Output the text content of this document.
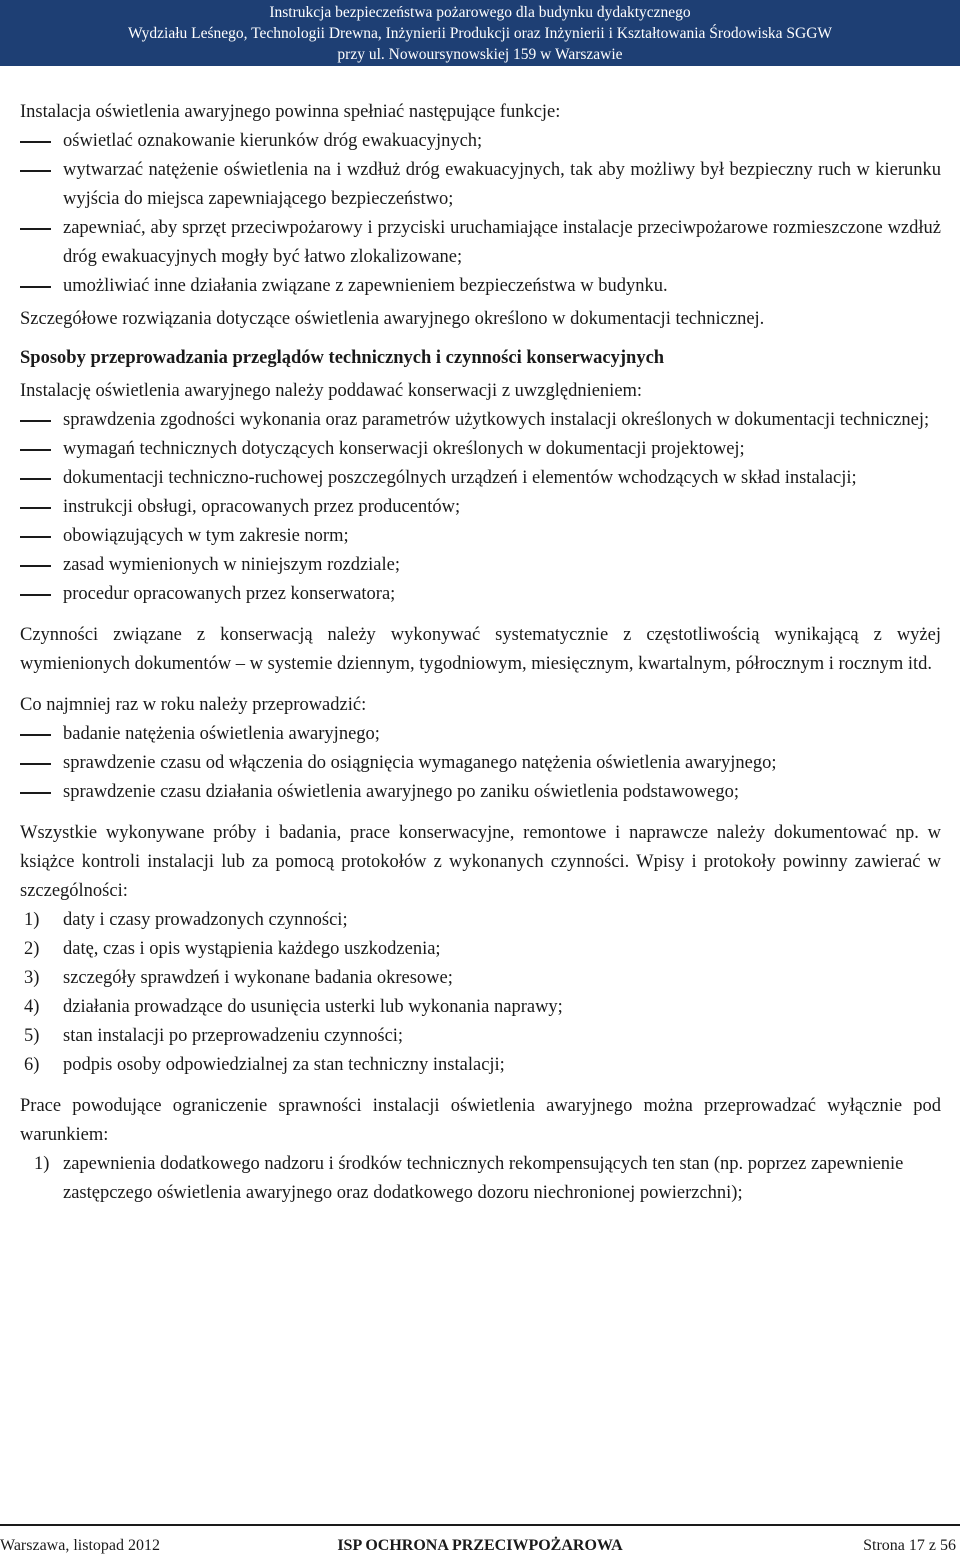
Instrukcja bezpieczeństwa pożarowego dla budynku dydaktycznego
Wydziału Leśnego, Technologii Drewna, Inżynierii Produkcji oraz Inżynierii i Kształtowania Środowiska SGGW
przy ul. Nowoursynowskiej 159 w Warszawie
Instalacja oświetlenia awaryjnego powinna spełniać następujące funkcje:
oświetlać oznakowanie kierunków dróg ewakuacyjnych;
wytwarzać natężenie oświetlenia na i wzdłuż dróg ewakuacyjnych, tak aby możliwy był bezpieczny ruch w kierunku wyjścia do miejsca zapewniającego bezpieczeństwo;
zapewniać, aby sprzęt przeciwpożarowy i przyciski uruchamiające instalacje przeciwpożarowe rozmieszczone wzdłuż dróg ewakuacyjnych mogły być łatwo zlokalizowane;
umożliwiać inne działania związane z zapewnieniem bezpieczeństwa w budynku.
Szczegółowe rozwiązania dotyczące oświetlenia awaryjnego określono w dokumentacji technicznej.
Sposoby przeprowadzania przeglądów technicznych i czynności konserwacyjnych
Instalację oświetlenia awaryjnego należy poddawać konserwacji z uwzględnieniem:
sprawdzenia zgodności wykonania oraz parametrów użytkowych instalacji określonych w dokumentacji technicznej;
wymagań technicznych dotyczących konserwacji określonych w dokumentacji projektowej;
dokumentacji techniczno-ruchowej poszczególnych urządzeń i elementów wchodzących w skład instalacji;
instrukcji obsługi, opracowanych przez producentów;
obowiązujących w tym zakresie norm;
zasad wymienionych w niniejszym rozdziale;
procedur opracowanych przez konserwatora;
Czynności związane z konserwacją należy wykonywać systematycznie z częstotliwością wynikającą z wyżej wymienionych dokumentów – w systemie dziennym, tygodniowym, miesięcznym, kwartalnym, półrocznym i rocznym itd.
Co najmniej raz w roku należy przeprowadzić:
badanie natężenia oświetlenia awaryjnego;
sprawdzenie czasu od włączenia do osiągnięcia wymaganego natężenia oświetlenia awaryjnego;
sprawdzenie czasu działania oświetlenia awaryjnego po zaniku oświetlenia podstawowego;
Wszystkie wykonywane próby i badania, prace konserwacyjne, remontowe i naprawcze należy dokumentować np. w książce kontroli instalacji lub za pomocą protokołów z wykonanych czynności. Wpisy i protokoły powinny zawierać w szczególności:
1) daty i czasy prowadzonych czynności;
2) datę, czas i opis wystąpienia każdego uszkodzenia;
3) szczegóły sprawdzeń i wykonane badania okresowe;
4) działania prowadzące do usunięcia usterki lub wykonania naprawy;
5) stan instalacji po przeprowadzeniu czynności;
6) podpis osoby odpowiedzialnej za stan techniczny instalacji;
Prace powodujące ograniczenie sprawności instalacji oświetlenia awaryjnego można przeprowadzać wyłącznie pod warunkiem:
1) zapewnienia dodatkowego nadzoru i środków technicznych rekompensujących ten stan (np. poprzez zapewnienie zastępczego oświetlenia awaryjnego oraz dodatkowego dozoru niechronionej powierzchni);
Warszawa, listopad 2012	ISP OCHRONA PRZECIWPOŻAROWA	Strona 17 z 56
